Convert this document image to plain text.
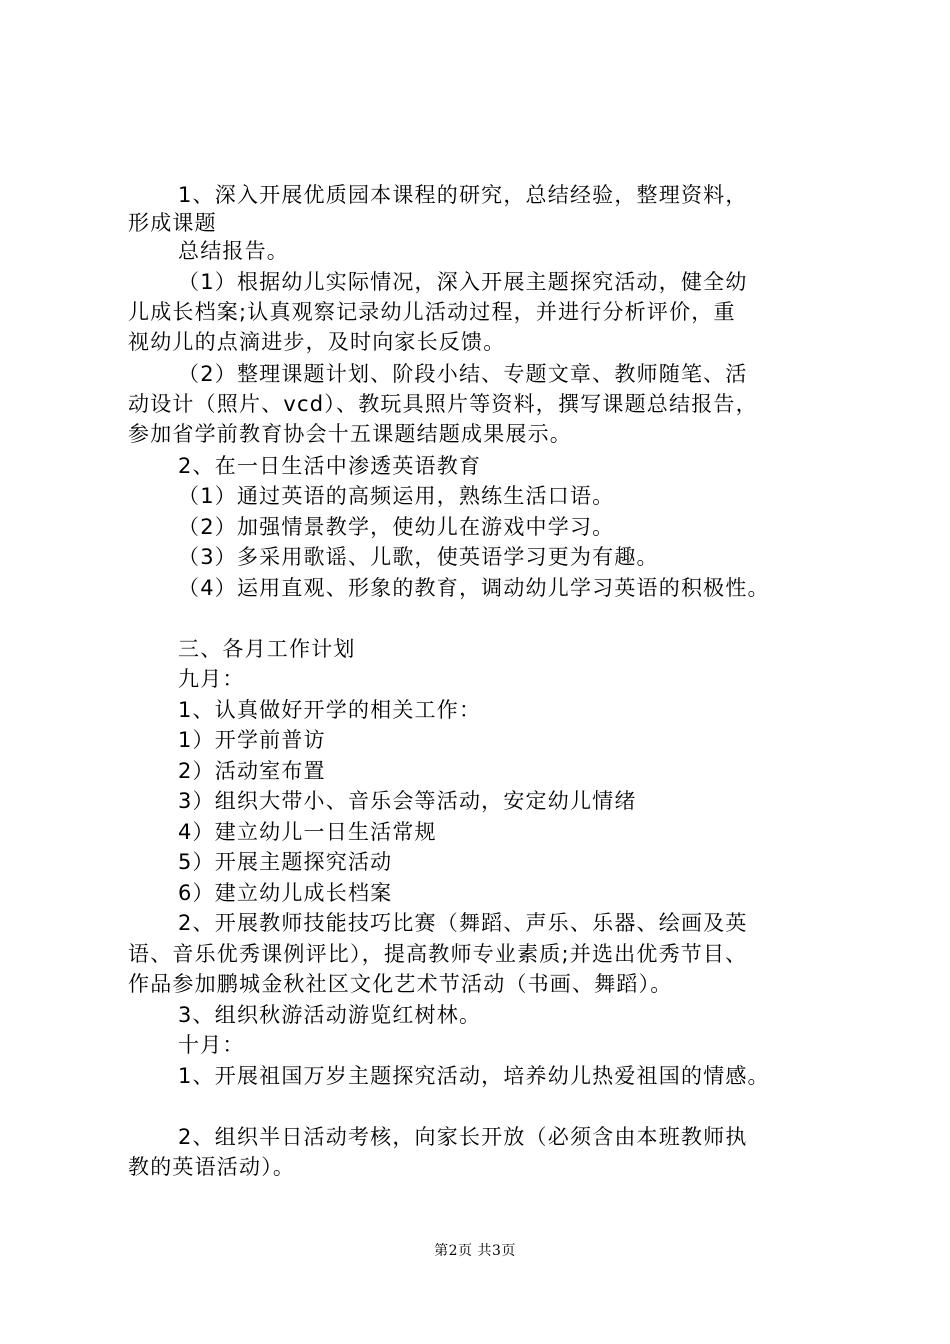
1、深入开展优质园本课程的研究，总结经验，整理资料，
形成课题
总结报告。
（1）根据幼儿实际情况，深入开展主题探究活动，健全幼
儿成长档案;认真观察记录幼儿活动过程，并进行分析评价，重
视幼儿的点滴进步，及时向家长反馈。
（2）整理课题计划、阶段小结、专题文章、教师随笔、活
动设计（照片、vcd）、教玩具照片等资料，撰写课题总结报告，
参加省学前教育协会十五课题结题成果展示。
2、在一日生活中渗透英语教育
（1）通过英语的高频运用，熟练生活口语。
（2）加强情景教学，使幼儿在游戏中学习。
（3）多采用歌谣、儿歌，使英语学习更为有趣。
（4）运用直观、形象的教育，调动幼儿学习英语的积极性。
三、各月工作计划
九月：
1、认真做好开学的相关工作：
1）开学前普访
2）活动室布置
3）组织大带小、音乐会等活动，安定幼儿情绪
4）建立幼儿一日生活常规
5）开展主题探究活动
6）建立幼儿成长档案
2、开展教师技能技巧比赛（舞蹈、声乐、乐器、绘画及英
语、音乐优秀课例评比），提高教师专业素质;并选出优秀节目、
作品参加鹏城金秋社区文化艺术节活动（书画、舞蹈）。
3、组织秋游活动游览红树林。
十月：
1、开展祖国万岁主题探究活动，培养幼儿热爱祖国的情感。
2、组织半日活动考核，向家长开放（必须含由本班教师执
教的英语活动）。
第2页 共3页
